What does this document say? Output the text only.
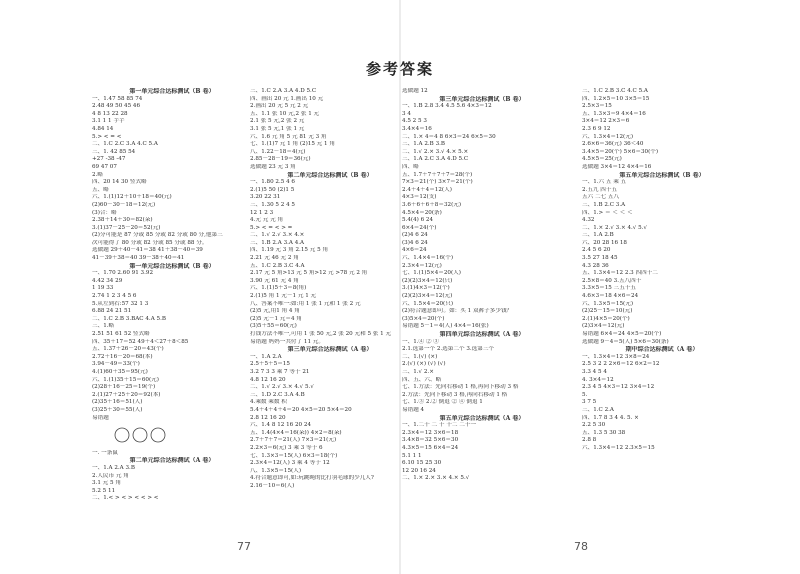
参考答案
第一单元综合达标测试（B 卷）
一、1.47 58 85 74
2.48 49 50 45 46
4 8 13 22 28
3.1 1 1 芋芋
4.84 14
5.> < = <
二、1.C 2.C 3.A 4.C 5.A
三、1. 42 85 54
+27 -38 -47
69 47 07
2.略
四、20 14 30 竖式略
五、略
六、1.(1)12＋10＋18＝40(元)
(2)60－30－18＝12(元)
(3)合：略
2.38＋14＋30＝82(朵)
3.(1)37－25－20＝52(元)
(2)分可能是 87 分或 85 分或 82 分或 80 分,他第三
次可能得了 80 分或 82 分或 85 分或 88 分。
选做题 29＋40－41＝38 41＋38－40＝39
41－39＋38＝40 39－38＋40＝41
第一单元综合达标测试（B 卷）
一、1.70 2.60 91 3.92
4.42 34 29
1 19 33
2.74 1 2 3 4 5 6
5.从左到右:57 32 1 3
6.88 24 21 51
二、1.C 2.B 3.BAC 4.A 5.B
三、1.略
2.51 51 61 52 竖式略
四、35＋17＝52 49＋4＜27＋8＜85
五、1.37＋26－20＝43(个)
2.72＋16－20＝68(本)
3.94－49＝33(个)
4.(1)60＋35＝95(元)
六、1.(1)35＋15＝60(元)
(2)28＋16－25＝19(个)
2.(1)27＋25＋20＝92(本)
(2)35＋16＝51(人)
(3)25＋30＝55(人)
易错题
一. 一条鼠
第二单元综合达标测试（A 卷）
一、1.A 2.A 3.B
2.人民币 元 角
3.1 元 5 角
5.2 5 11
二、1.< > < > < < > <
三、1.C 2.A 3.A 4.D 5.C
四、画出 20 元 1.画出 10 元
2.画出 20 元 5 元 2 元
五、1.1 张 10 元,2 张 1 元
2.1 张 5 元,2 张 2 元
3.1 张 5 元,1 张 1 元
六、1.6 元 角 5 元 81 元 3 角
七、1.(1)7 元 1 角 (2)15 元 1 角
八、1.22－18＝4(元)
2.85－28－19＝36(元)
选做题 23 元 3 角
第二单元综合达标测试（B 卷）
一、1.80 2.5 4 6
2.(1)5 50 (2)1 5
3.20 22 31
三、1.30 5 2 4 5
12 1 2 3
4.元 元 元 角
5.> < = < > =
二、1.√ 2.√ 3.× 4.×
三、1.B 2.A 3.A 4.A
四、1.19 元 3 角 2.15 元 5 角
2.21 元 46 元 2 角
五、1.C 2.B 3.C 4.A
2.17 元 5 角>13 元 5 角>12 元 >78 元 2 角
3.90 元 61 元 4 角
六、1.(1)5＋3＝8(角)
2.(1)5 角 1 元－1 元 1 元
八、答案不唯一:如:用 1 张 1 元和 1 张 2 元
(2)5 元,用1 角 4 角
(2)5 元－1 元＝4 角
(3)5＋55＝60(元)
打钱方法不唯一,可用 1 张 50 元,2 张 20 元和 5 张 1 元
易错题 妈妈一共付了 11 元。
第三单元综合达标测试（A 卷）
一、1.A 2.A
2.5＋5＋5＝15
3.2 7 3 3 乘 7 等于 21
4.8 12 16 20
二、1.√ 2.√ 3.× 4.√ 5.√
三、1.D 2.C 3.A 4.B
4.乘数 乘数 积
5.4＋4＋4＋4＝20 4×5＝20 5×4＝20
2.8 12 16 20
六、1.4 8 12 16 20 24
五、1.4(4×4＝16(朵)) 4×2＝8(朵)
2.7＋7＋7＝21(人) 7×3＝21(元)
2.2×3＝6(元) 3 乘 3 等于 6
七、1.3×3＝15(人) 6×3＝18(个)
2.3×4＝12(人) 3 乘 4 等于 12
八、1.3×5＝15(人)
4.符合题意即可,如:玩跳绳的比打羽毛球的少几人?
2.16－10＝6(人)
选做题 12
第三单元综合达标测试（B 卷）
一、1.B 2.8 3.4 4.5 5.6 4×3＝12
3 4
4.5 2 5 3
3.4×4＝16
二、1.× 4＝4 8 6×3＝24 6×5＝30
三、1.A 2.B 3.B
二、1.√ 2.× 3.√ 4.× 5.×
三、1.A 2.C 3.A 4.D 5.C
四、略
五、1.7＋7＋7＋7＝28(个)
7×3＝21(个) 3×7＝21(个)
2.4＋4＋4＝12(人)
4×3＝12(支)
3.6＋6＋6＋8＝32(元)
4.5×4＝20(条)
5.4(4) 6 24
6×4＝24(个)
(2)4 6 24
(3)4 6 24
4×6＝24
六、1.4×4＝16(个)
2.3×4＝12(元)
七、1.(1)5×4＝20(人)
(2)(2)3×4＝12(只)
3.(1)4×3＝12(个)
(2)(2)3×4＝12(元)
六、1.5×4＝20(只)
(2)符合题意即可。如：买 1 双裤子多少钱？
(3)5×4＝20(个)
易错题 5－1＝4(人) 4×4＝16(张)
第四单元综合达标测试（A 卷）
一、1.④ ② ③
2.1.选第一个 2.选第二个 3.选第三个
二、1.(√) (×)
2.(√) (×) (√) (√)
三、1.√ 2.×
四、五、六、略
七、1.方法：先向右移动 1 格,再向下移动 3 格
2.方法：先向下移动 3 格,再向右移动 1 格
七、1.③ 2.② 倒退 ② ④ 倒退 1
易错题 4
第五单元综合达标测试（A 卷）
一、1.二十 二 十 十二 二十一
2.3×4＝12 3×6＝18
3.4×8＝32 5×6＝30
4.3×5＝15 6×4＝24
5.1 1 1
6.10 15 25 30
12 20 16 24
二、1.× 2.× 3.× 4.× 5.√
三、1.C 2.B 3.C 4.C 5.A
四、1.2×5＝10 3×5＝15
2.5×3＝15
五、1.3×3＝9 4×4＝16
3×4＝12 2×3＝6
2.3 6 9 12
六、1.3×4＝12(元)
2.6×6＝36(元) 36＜40
3.4×5＝20(个) 5×6＝30(个)
4.5×5＝25(元)
选做题 3×4＝12 4×4＝16
第五单元综合达标测试（B 卷）
一、1.六 五 乘 五
2.五九 四十五
五六 二七 五八
三、1.B 2.C 3.A
四、1.> ＝ ＜ ＜ ＜
4.32
二、1.× 2.√ 3.× 4.√ 5.√
三、1.A 2.B
六、20 28 16 18
2.4 5 6 20
3.5 27 18 45
4.3 28 36
五、1.3×4＝12 2.3 四四十二
2.5×8＝40 3.五八四十
3.3×5＝15 三五十五
4.6×3＝18 4×6＝24
六、1.3×5＝15(元)
(2)25－15＝10(元)
2.(1)4×5＝20(个)
(2)3×4＝12(元)
易错题 6×4＝24 4×5＝20(个)
选做题 9－4＝5(人) 5×6＝30(条)
期中综合达标测试（A 卷）
一、1.3×4＝12 3×8＝24
2.5 3 2 2 2×6＝12 6×2＝12
3.3 4 5 4
4. 3×4＝12
2.3 4 5 4×3＝12 3×4＝12
5.
3 7 5
三、1.C 2.A
四、1.7 8 3 4 4. 5. ×
2.2 5 30
五、1.3 5 30 38
2.8 8
六、1.3×4＝12 2.3×5＝15
77	78
